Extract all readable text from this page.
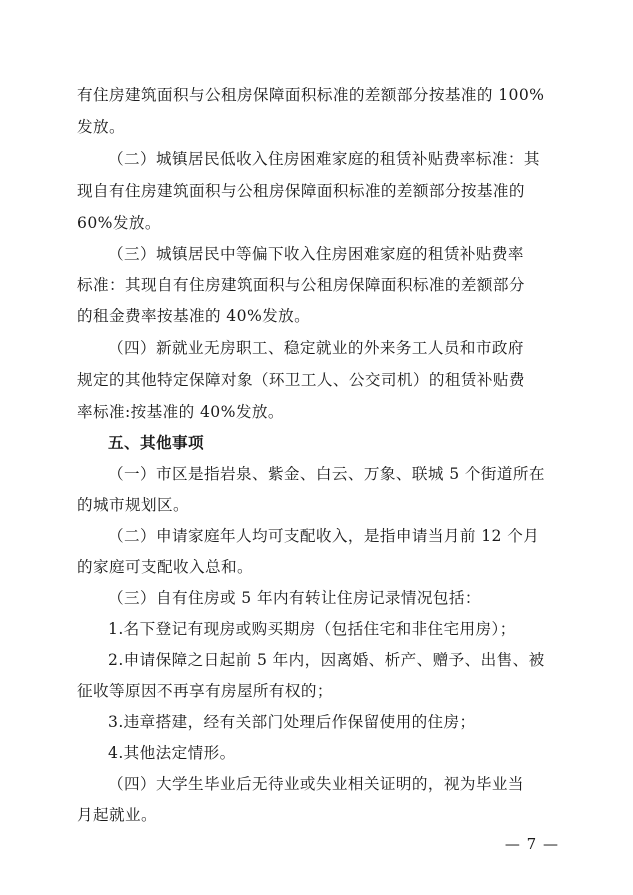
有住房建筑面积与公租房保障面积标准的差额部分按基准的 100%
发放。
（二）城镇居民低收入住房困难家庭的租赁补贴费率标准：其
现自有住房建筑面积与公租房保障面积标准的差额部分按基准的
60%发放。
（三）城镇居民中等偏下收入住房困难家庭的租赁补贴费率
标准：其现自有住房建筑面积与公租房保障面积标准的差额部分
的租金费率按基准的 40%发放。
（四）新就业无房职工、稳定就业的外来务工人员和市政府
规定的其他特定保障对象（环卫工人、公交司机）的租赁补贴费
率标准:按基准的 40%发放。
五、其他事项
（一）市区是指岩泉、紫金、白云、万象、联城 5 个街道所在
的城市规划区。
（二）申请家庭年人均可支配收入，是指申请当月前 12 个月
的家庭可支配收入总和。
（三）自有住房或 5 年内有转让住房记录情况包括：
1.名下登记有现房或购买期房（包括住宅和非住宅用房）；
2.申请保障之日起前 5 年内，因离婚、析产、赠予、出售、被
征收等原因不再享有房屋所有权的；
3.违章搭建，经有关部门处理后作保留使用的住房；
4.其他法定情形。
（四）大学生毕业后无待业或失业相关证明的，视为毕业当
月起就业。
— 7 —
